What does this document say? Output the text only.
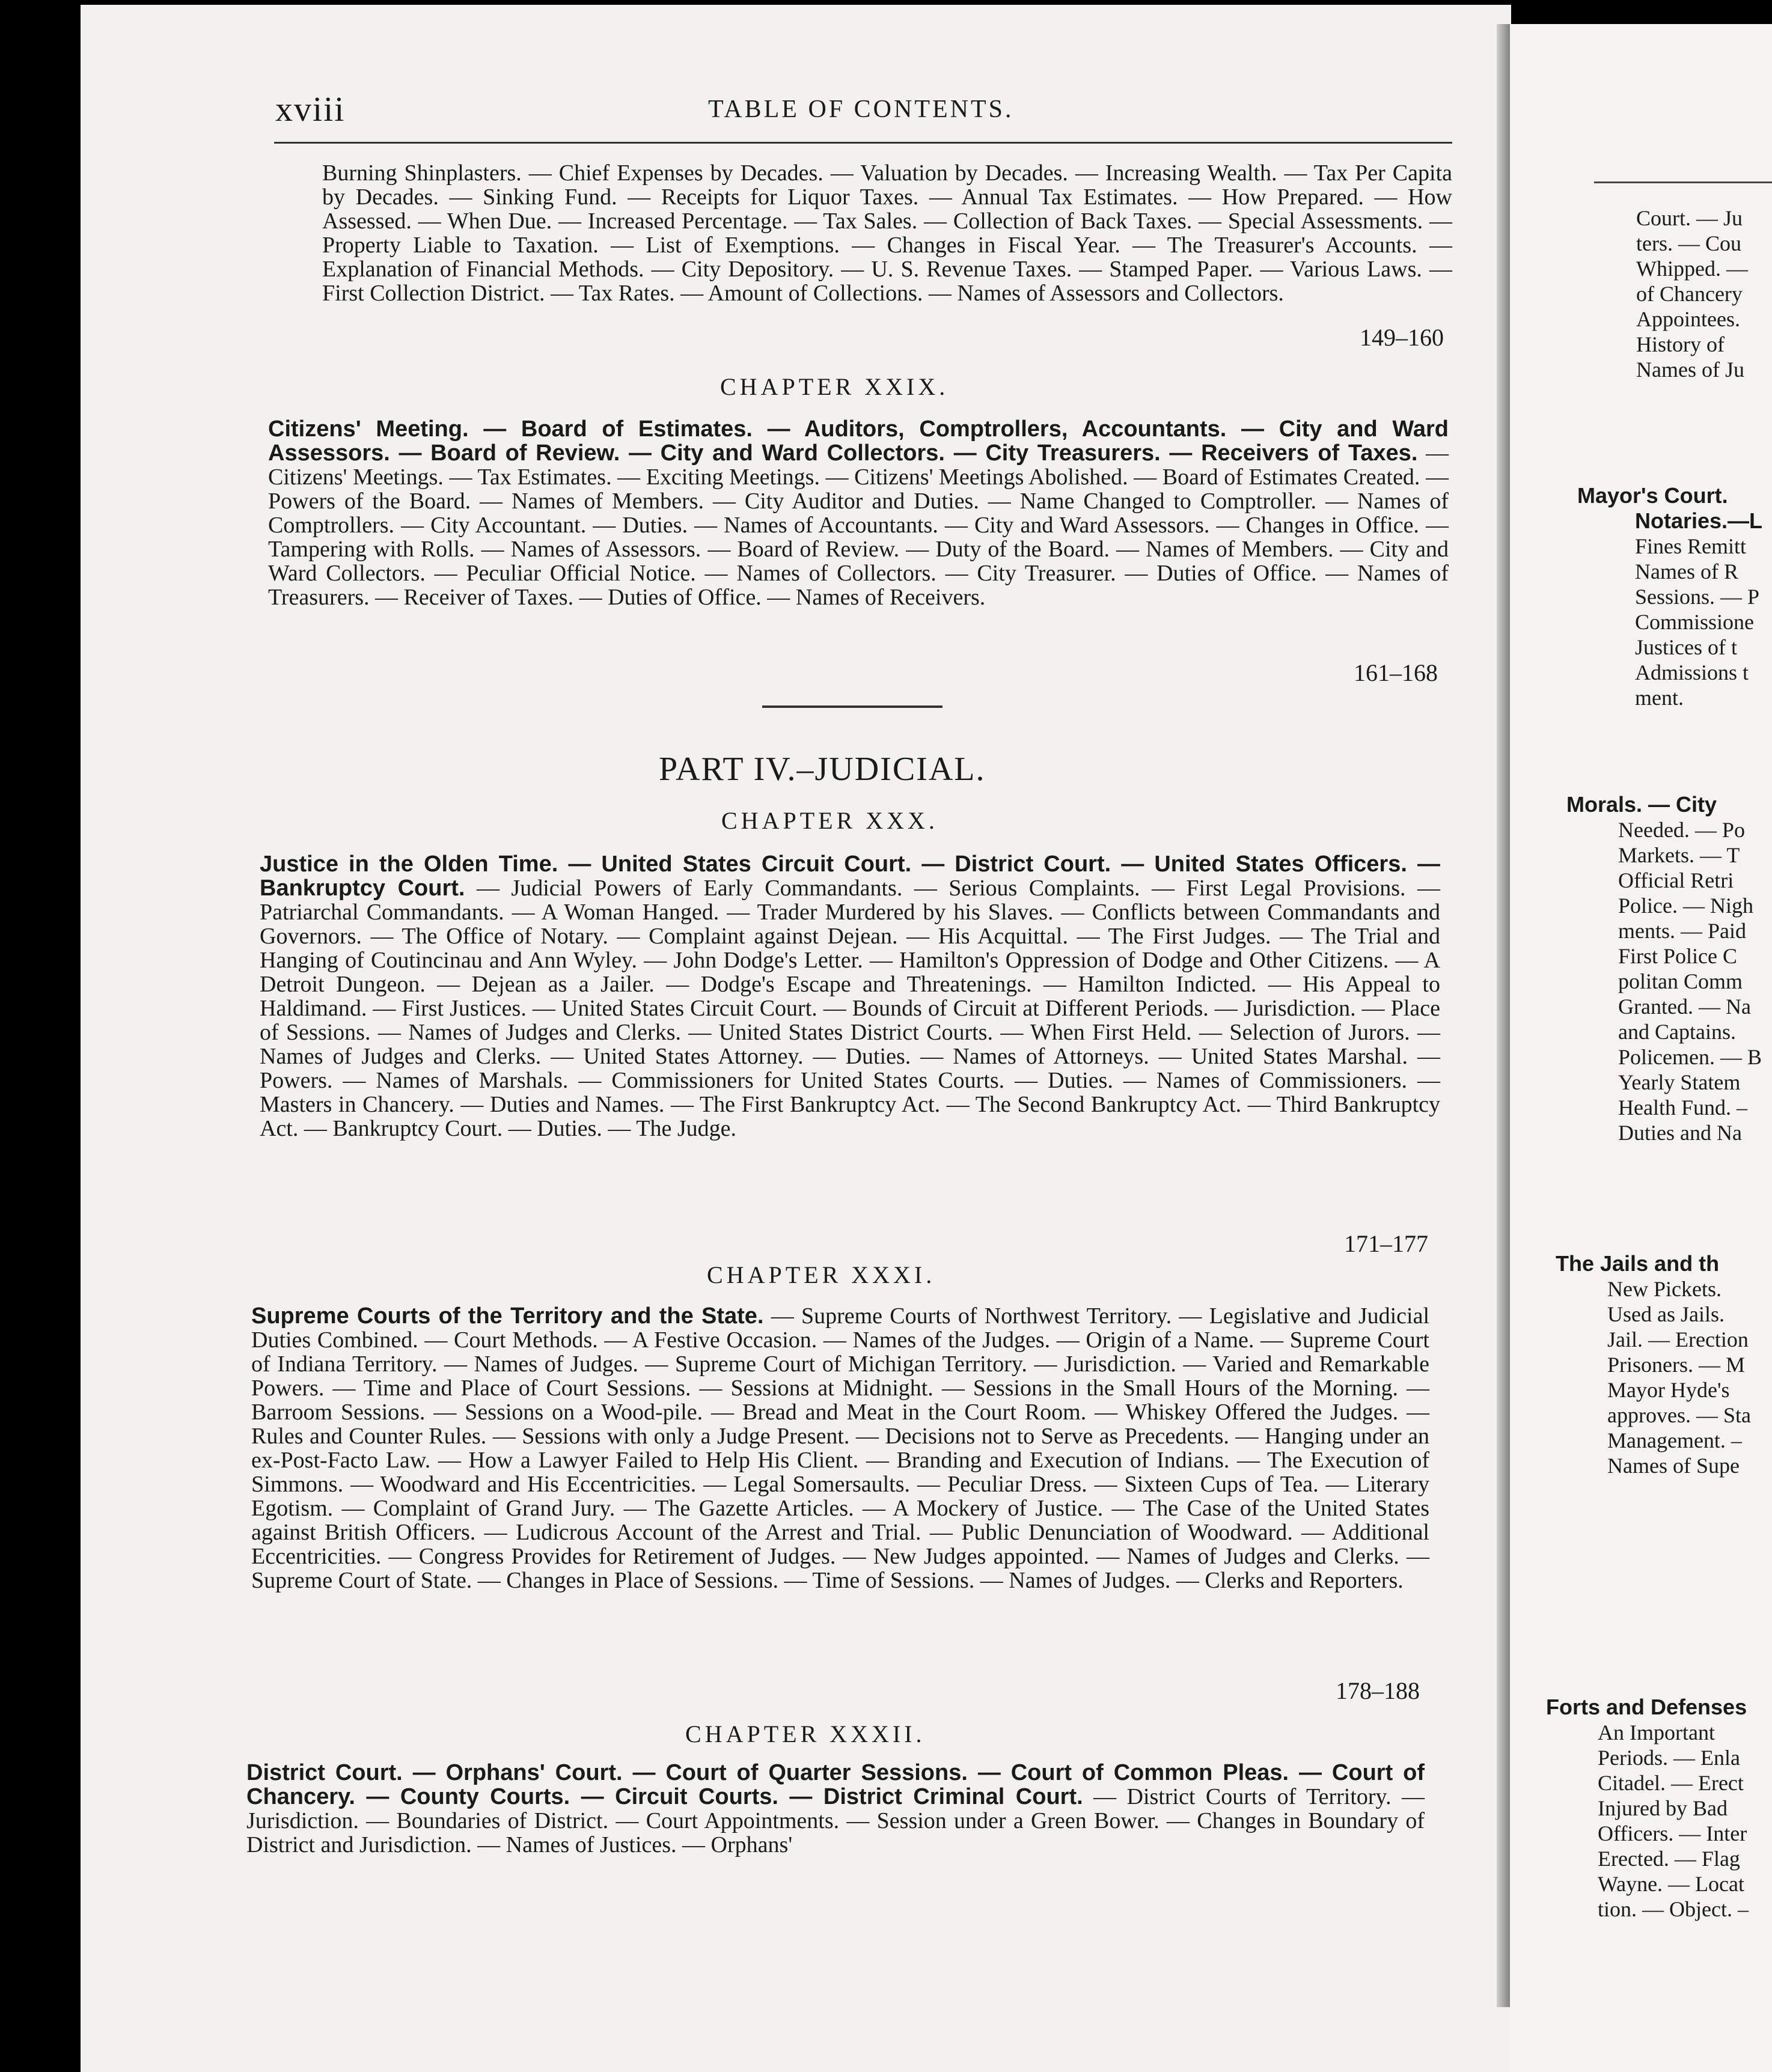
Court. — Ju
ters. — Cou
Whipped. —
of Chancery
Appointees.
History of
Names of Ju
Mayor's Court.
Notaries.—L
Fines Remitt
Names of R
Sessions. — P
Commissione
Justices of t
Admissions t
ment.
Morals. — City
Needed. — Po
Markets. — T
Official Retri
Police. — Nigh
ments. — Paid
First Police C
politan Comm
Granted. — Na
and Captains.
Policemen. — B
Yearly Statem
Health Fund. –
Duties and Na
The Jails and th
New Pickets.
Used as Jails.
Jail. — Erection
Prisoners. — M
Mayor Hyde's
approves. — Sta
Management. –
Names of Supe
Forts and Defenses
An Important
Periods. — Enla
Citadel. — Erect
Injured by Bad
Officers. — Inter
Erected. — Flag
Wayne. — Locat
tion. — Object. –
xviii	TABLE OF CONTENTS.
Burning Shinplasters. — Chief Expenses by Decades. — Valuation by Decades. — Increasing Wealth. — Tax Per Capita by Decades. — Sinking Fund. — Receipts for Liquor Taxes. — Annual Tax Estimates. — How Prepared. — How Assessed. — When Due. — Increased Percentage. — Tax Sales. — Collection of Back Taxes. — Special Assessments. — Property Liable to Taxation. — List of Exemptions. — Changes in Fiscal Year. — The Treasurer's Accounts. — Explanation of Financial Methods. — City Depository. — U. S. Revenue Taxes. — Stamped Paper. — Various Laws. — First Collection District. — Tax Rates. — Amount of Collections. — Names of Assessors and Collectors.
149–160
CHAPTER XXIX.
Citizens' Meeting. — Board of Estimates. — Auditors, Comptrollers, Accountants. — City and Ward Assessors. — Board of Review. — City and Ward Collectors. — City Treasurers. — Receivers of Taxes. — Citizens' Meetings. — Tax Estimates. — Exciting Meetings. — Citizens' Meetings Abolished. — Board of Estimates Created. — Powers of the Board. — Names of Members. — City Auditor and Duties. — Name Changed to Comptroller. — Names of Comptrollers. — City Accountant. — Duties. — Names of Accountants. — City and Ward Assessors. — Changes in Office. — Tampering with Rolls. — Names of Assessors. — Board of Review. — Duty of the Board. — Names of Members. — City and Ward Collectors. — Peculiar Official Notice. — Names of Collectors. — City Treasurer. — Duties of Office. — Names of Treasurers. — Receiver of Taxes. — Duties of Office. — Names of Receivers.
161–168
PART IV.–JUDICIAL.
CHAPTER XXX.
Justice in the Olden Time. — United States Circuit Court. — District Court. — United States Officers. — Bankruptcy Court. — Judicial Powers of Early Commandants. — Serious Complaints. — First Legal Provisions. — Patriarchal Commandants. — A Woman Hanged. — Trader Murdered by his Slaves. — Conflicts between Commandants and Governors. — The Office of Notary. — Complaint against Dejean. — His Acquittal. — The First Judges. — The Trial and Hanging of Coutincinau and Ann Wyley. — John Dodge's Letter. — Hamilton's Oppression of Dodge and Other Citizens. — A Detroit Dungeon. — Dejean as a Jailer. — Dodge's Escape and Threatenings. — Hamilton Indicted. — His Appeal to Haldimand. — First Justices. — United States Circuit Court. — Bounds of Circuit at Different Periods. — Jurisdiction. — Place of Sessions. — Names of Judges and Clerks. — United States District Courts. — When First Held. — Selection of Jurors. — Names of Judges and Clerks. — United States Attorney. — Duties. — Names of Attorneys. — United States Marshal. — Powers. — Names of Marshals. — Commissioners for United States Courts. — Duties. — Names of Commissioners. — Masters in Chancery. — Duties and Names. — The First Bankruptcy Act. — The Second Bankruptcy Act. — Third Bankruptcy Act. — Bankruptcy Court. — Duties. — The Judge.
171–177
CHAPTER XXXI.
Supreme Courts of the Territory and the State. — Supreme Courts of Northwest Territory. — Legislative and Judicial Duties Combined. — Court Methods. — A Festive Occasion. — Names of the Judges. — Origin of a Name. — Supreme Court of Indiana Territory. — Names of Judges. — Supreme Court of Michigan Territory. — Jurisdiction. — Varied and Remarkable Powers. — Time and Place of Court Sessions. — Sessions at Midnight. — Sessions in the Small Hours of the Morning. — Barroom Sessions. — Sessions on a Wood-pile. — Bread and Meat in the Court Room. — Whiskey Offered the Judges. — Rules and Counter Rules. — Sessions with only a Judge Present. — Decisions not to Serve as Precedents. — Hanging under an ex-Post-Facto Law. — How a Lawyer Failed to Help His Client. — Branding and Execution of Indians. — The Execution of Simmons. — Woodward and His Eccentricities. — Legal Somersaults. — Peculiar Dress. — Sixteen Cups of Tea. — Literary Egotism. — Complaint of Grand Jury. — The Gazette Articles. — A Mockery of Justice. — The Case of the United States against British Officers. — Ludicrous Account of the Arrest and Trial. — Public Denunciation of Woodward. — Additional Eccentricities. — Congress Provides for Retirement of Judges. — New Judges appointed. — Names of Judges and Clerks. — Supreme Court of State. — Changes in Place of Sessions. — Time of Sessions. — Names of Judges. — Clerks and Reporters.
178–188
CHAPTER XXXII.
District Court. — Orphans' Court. — Court of Quarter Sessions. — Court of Common Pleas. — Court of Chancery. — County Courts. — Circuit Courts. — District Criminal Court. — District Courts of Territory. — Jurisdiction. — Boundaries of District. — Court Appointments. — Session under a Green Bower. — Changes in Boundary of District and Jurisdiction. — Names of Justices. — Orphans'
